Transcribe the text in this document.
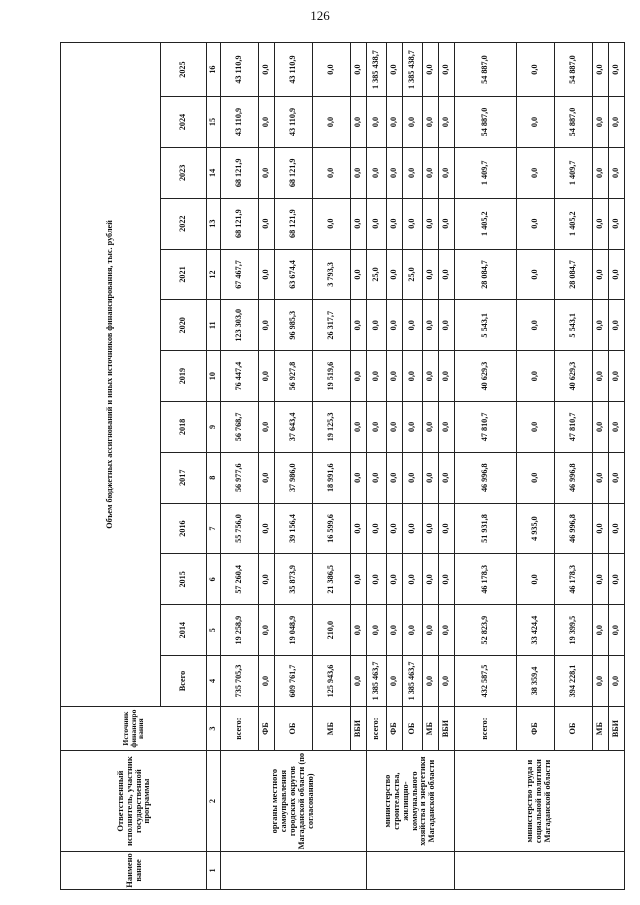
126
Наименование	Ответственный исполнитель, участник государственной программы	Источник финансирования	Объем бюджетных ассигнований и иных источников финансирования, тыс. рублей												
			Всего	2014	2015	2016	2017	2018	2019	2020	2021	2022	2023	2024	2025
1	2	3	4	5	6	7	8	9	10	11	12	13	14	15	16
	органы местного самоуправления городских округов Магаданской области (по согласованию)	всего:	735 705,3	19 258,9	57 260,4	55 756,0	56 977,6	56 768,7	76 447,4	123 303,0	67 467,7	68 121,9	68 121,9	43 110,9	43 110,9
		ФБ	0,0	0,0	0,0	0,0	0,0	0,0	0,0	0,0	0,0	0,0	0,0	0,0	0,0
		ОБ	609 761,7	19 048,9	35 873,9	39 156,4	37 986,0	37 643,4	56 927,8	96 985,3	63 674,4	68 121,9	68 121,9	43 110,9	43 110,9
		МБ	125 943,6	210,0	21 386,5	16 599,6	18 991,6	19 125,3	19 519,6	26 317,7	3 793,3	0,0	0,0	0,0	0,0
		ВБИ	0,0	0,0	0,0	0,0	0,0	0,0	0,0	0,0	0,0	0,0	0,0	0,0	0,0
	министерство строительства, жилищно-коммунального хозяйства и энергетики Магаданской области	всего:	1 385 463,7	0,0	0,0	0,0	0,0	0,0	0,0	0,0	25,0	0,0	0,0	0,0	1 385 438,7
		ФБ	0,0	0,0	0,0	0,0	0,0	0,0	0,0	0,0	0,0	0,0	0,0	0,0	0,0
		ОБ	1 385 463,7	0,0	0,0	0,0	0,0	0,0	0,0	0,0	25,0	0,0	0,0	0,0	1 385 438,7
		МБ	0,0	0,0	0,0	0,0	0,0	0,0	0,0	0,0	0,0	0,0	0,0	0,0	0,0
		ВБИ	0,0	0,0	0,0	0,0	0,0	0,0	0,0	0,0	0,0	0,0	0,0	0,0	0,0
	министерство труда и социальной политики Магаданской области	всего:	432 587,5	52 823,9	46 178,3	51 931,8	46 996,8	47 810,7	40 629,3	5 543,1	28 084,7	1 405,2	1 409,7	54 887,0	54 887,0
		ФБ	38 359,4	33 424,4	0,0	4 935,0	0,0	0,0	0,0	0,0	0,0	0,0	0,0	0,0	0,0
		ОБ	394 228,1	19 399,5	46 178,3	46 996,8	46 996,8	47 810,7	40 629,3	5 543,1	28 084,7	1 405,2	1 409,7	54 887,0	54 887,0
		МБ	0,0	0,0	0,0	0,0	0,0	0,0	0,0	0,0	0,0	0,0	0,0	0,0	0,0
		ВБИ	0,0	0,0	0,0	0,0	0,0	0,0	0,0	0,0	0,0	0,0	0,0	0,0	0,0
